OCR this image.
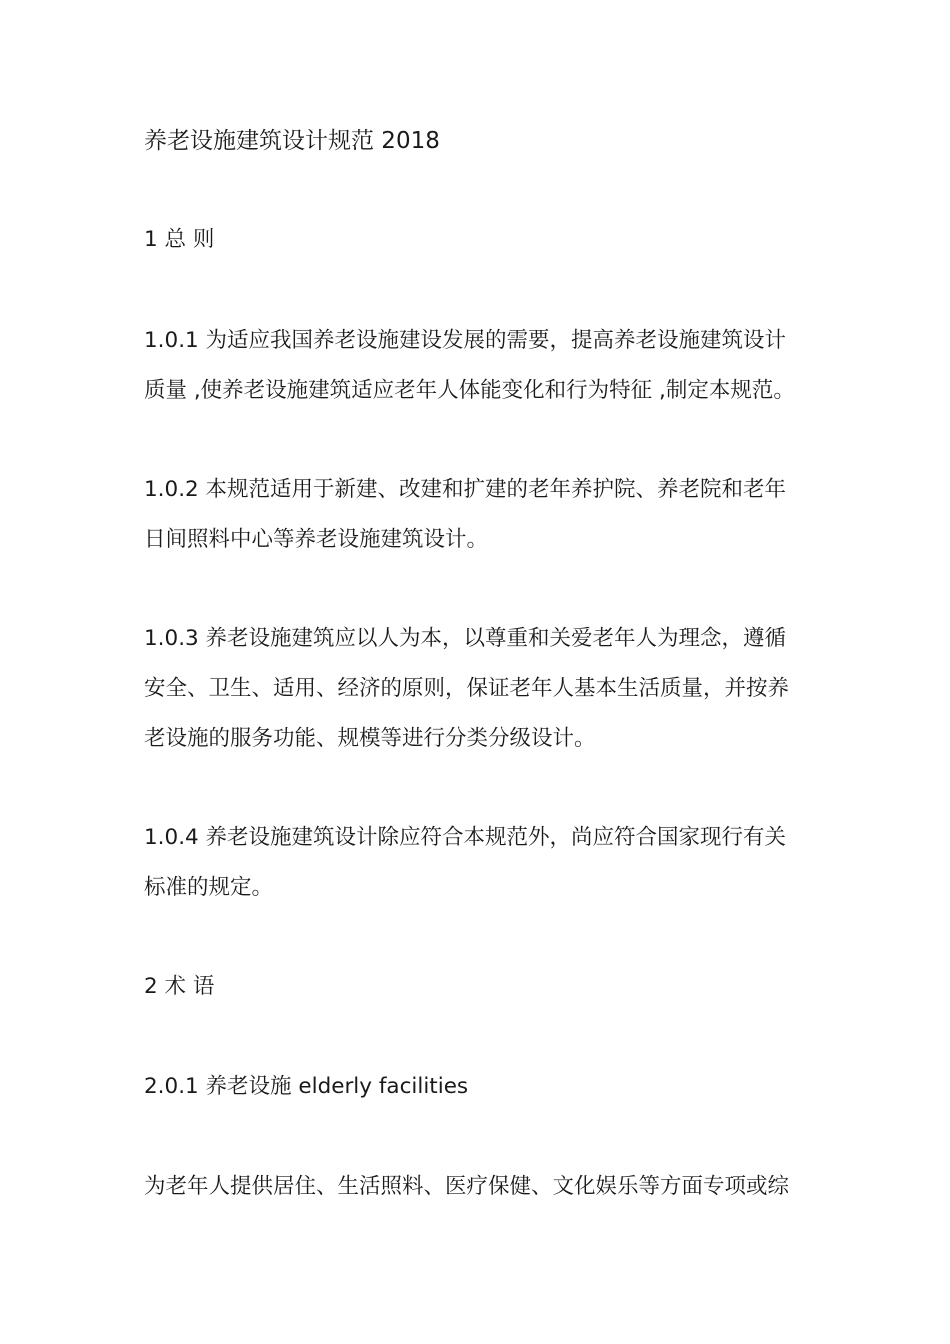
养老设施建筑设计规范 2018
1 总 则
1.0.1 为适应我国养老设施建设发展的需要，提高养老设施建筑设计
质量 ,使养老设施建筑适应老年人体能变化和行为特征 ,制定本规范。
1.0.2 本规范适用于新建、改建和扩建的老年养护院、养老院和老年
日间照料中心等养老设施建筑设计。
1.0.3 养老设施建筑应以人为本，以尊重和关爱老年人为理念，遵循
安全、卫生、适用、经济的原则，保证老年人基本生活质量，并按养
老设施的服务功能、规模等进行分类分级设计。
1.0.4 养老设施建筑设计除应符合本规范外，尚应符合国家现行有关
标准的规定。
2 术 语
2.0.1 养老设施 elderly facilities
为老年人提供居住、生活照料、医疗保健、文化娱乐等方面专项或综
